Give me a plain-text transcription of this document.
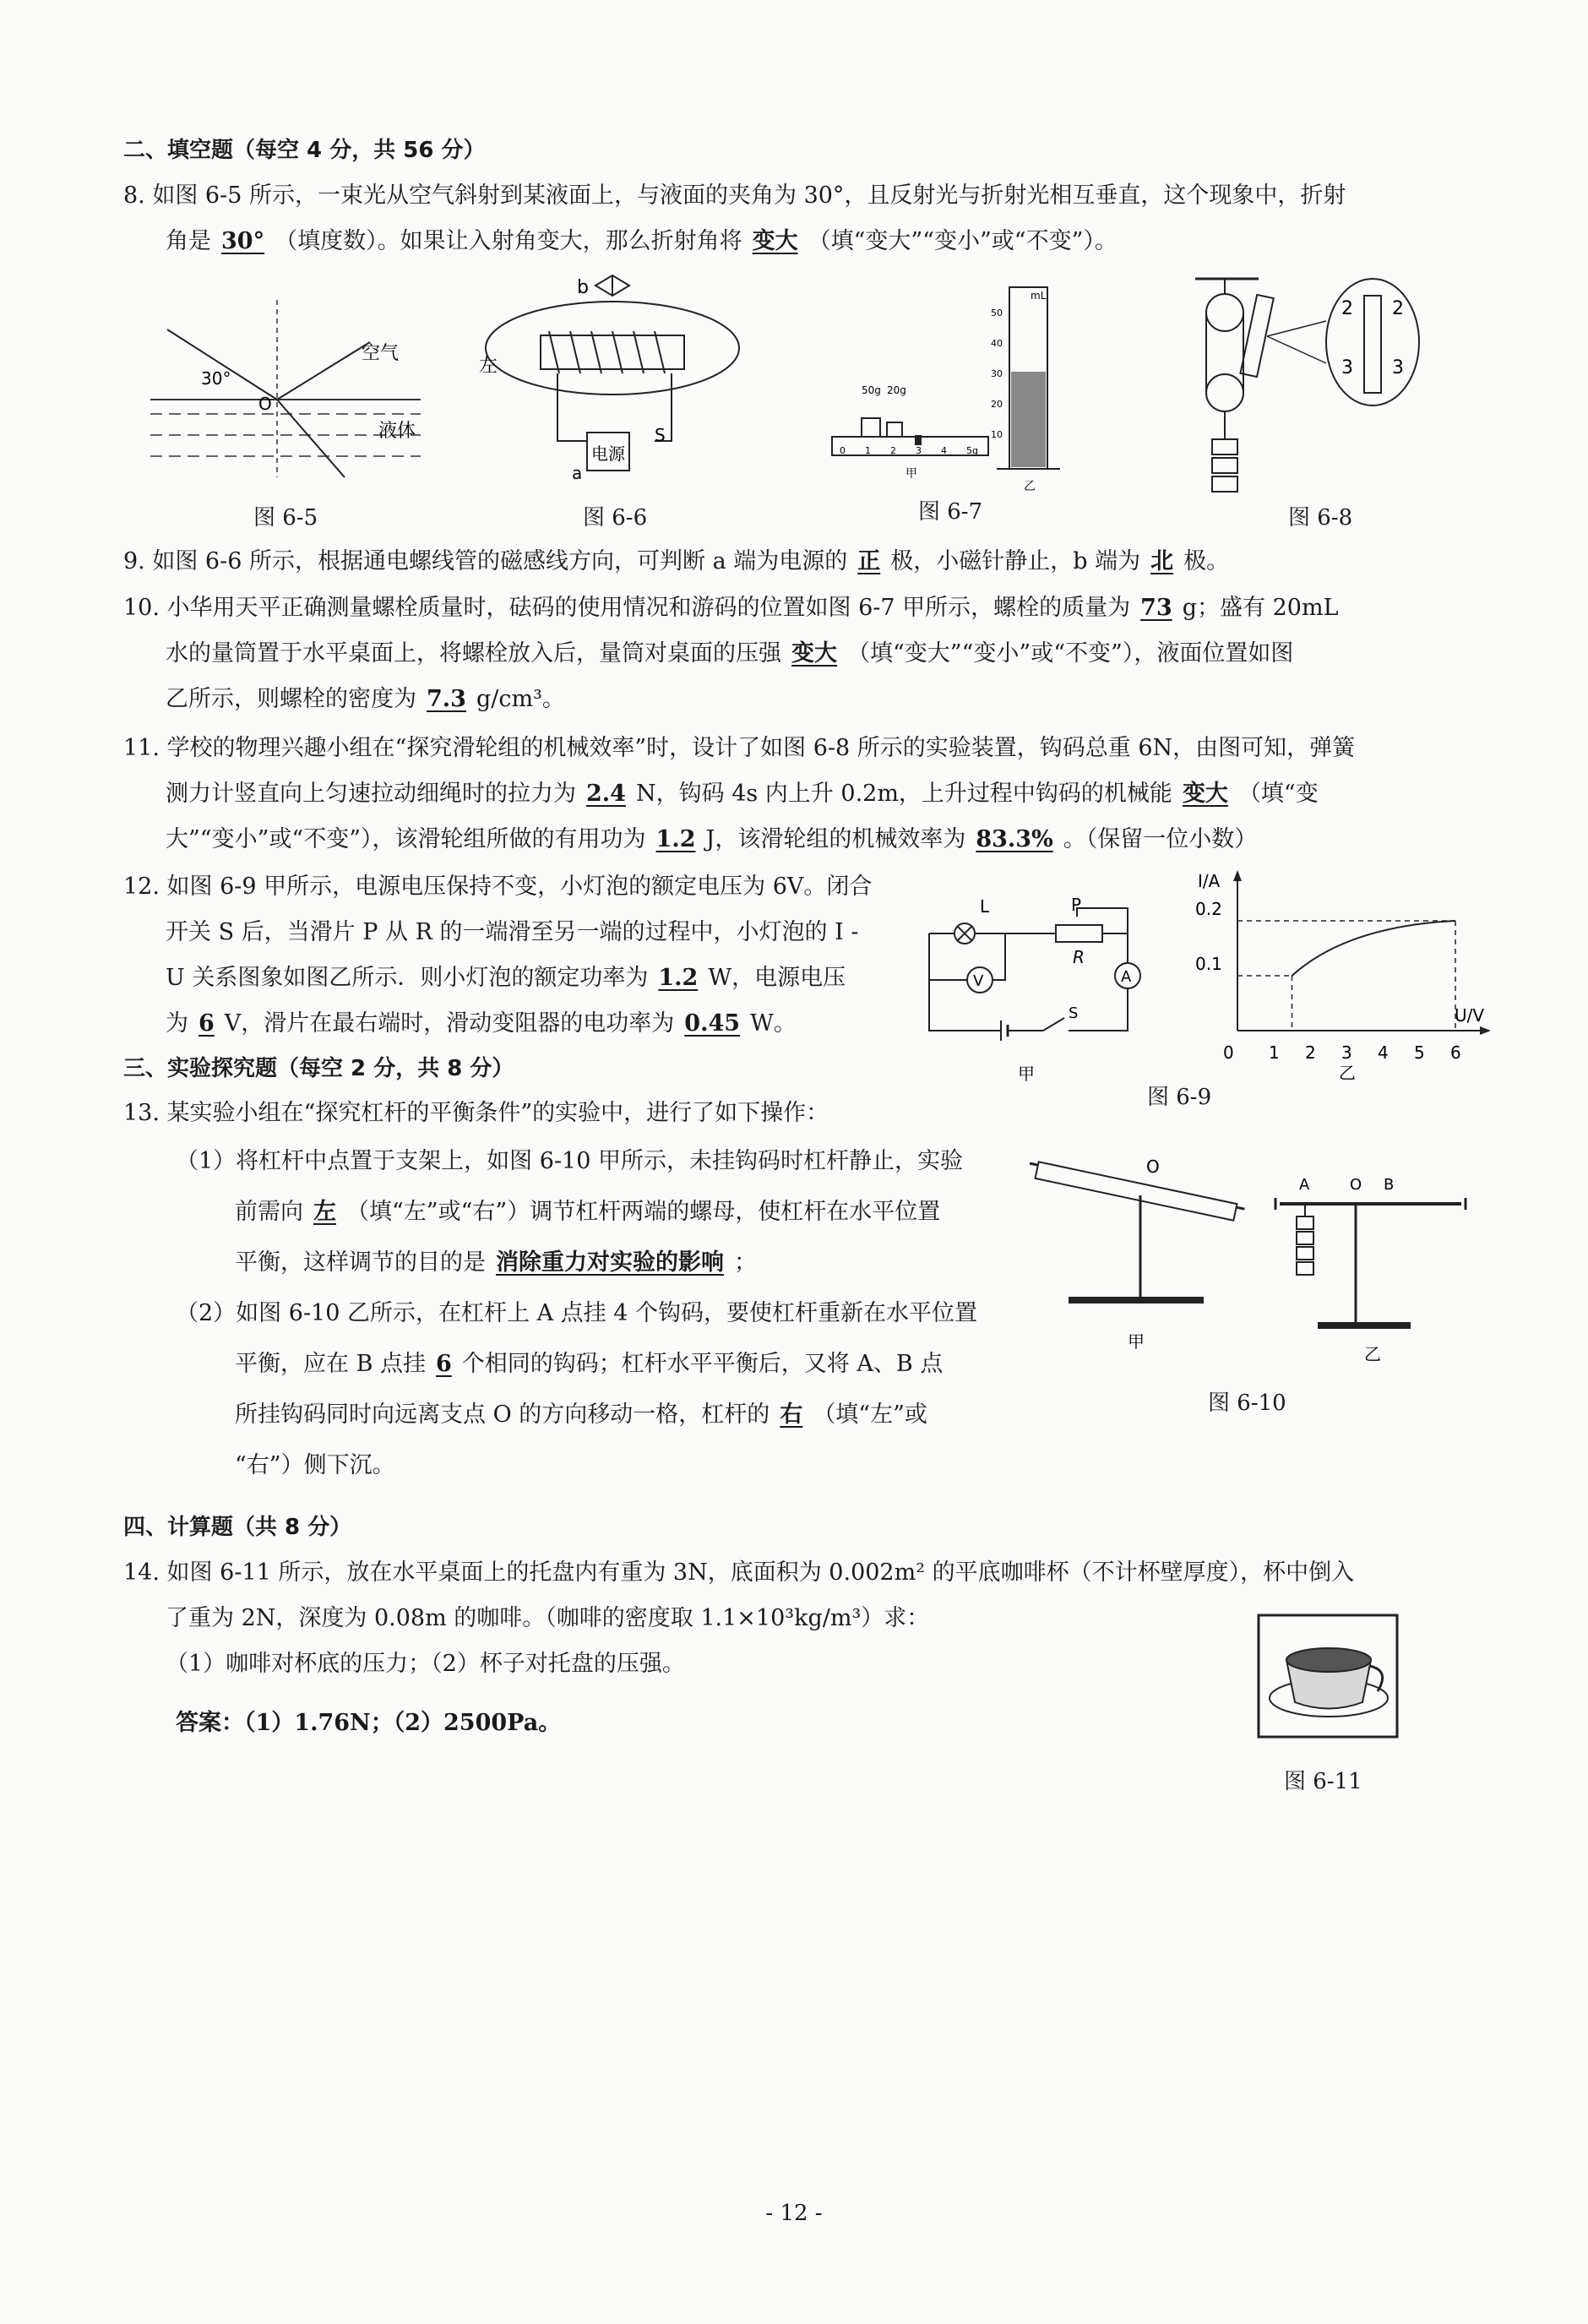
二、填空题（每空 4 分，共 56 分）
8. 如图 6-5 所示，一束光从空气斜射到某液面上，与液面的夹角为 30°，且反射光与折射光相互垂直，这个现象中，折射
角是 30° （填度数）。如果让入射角变大，那么折射角将 变大 （填“变大”“变小”或“不变”）。
30°
O
空气
液体
图 6-5
b
左
电源
a
S
图 6-6
50g 20g
0 1 2 3 4 5g
甲
mL
50
40
30
20
10
乙
图 6-7
2 2
3 3
图 6-8
9. 如图 6-6 所示，根据通电螺线管的磁感线方向，可判断 a 端为电源的 正 极，小磁针静止，b 端为 北 极。
10. 小华用天平正确测量螺栓质量时，砝码的使用情况和游码的位置如图 6-7 甲所示，螺栓的质量为 73 g；盛有 20mL
水的量筒置于水平桌面上，将螺栓放入后，量筒对桌面的压强 变大 （填“变大”“变小”或“不变”），液面位置如图
乙所示，则螺栓的密度为 7.3 g/cm³。
11. 学校的物理兴趣小组在“探究滑轮组的机械效率”时，设计了如图 6-8 所示的实验装置，钩码总重 6N，由图可知，弹簧
测力计竖直向上匀速拉动细绳时的拉力为 2.4 N，钩码 4s 内上升 0.2m，上升过程中钩码的机械能 变大 （填“变
大”“变小”或“不变”），该滑轮组所做的有用功为 1.2 J，该滑轮组的机械效率为 83.3% 。（保留一位小数）
12. 如图 6-9 甲所示，电源电压保持不变，小灯泡的额定电压为 6V。闭合
开关 S 后，当滑片 P 从 R 的一端滑至另一端的过程中，小灯泡的 I -
U 关系图象如图乙所示．则小灯泡的额定功率为 1.2 W，电源电压
为 6 V，滑片在最右端时，滑动变阻器的电功率为 0.45 W。
L	P
R
A
S
V
甲
I/A
U/V
0.2
0.1
0 1 2 3 4 5 6
乙
图 6-9
三、实验探究题（每空 2 分，共 8 分）
13. 某实验小组在“探究杠杆的平衡条件”的实验中，进行了如下操作：
（1）将杠杆中点置于支架上，如图 6-10 甲所示，未挂钩码时杠杆静止，实验
前需向 左 （填“左”或“右”）调节杠杆两端的螺母，使杠杆在水平位置
平衡，这样调节的目的是 消除重力对实验的影响 ；
（2）如图 6-10 乙所示，在杠杆上 A 点挂 4 个钩码，要使杠杆重新在水平位置
平衡，应在 B 点挂 6 个相同的钩码；杠杆水平平衡后，又将 A、B 点
所挂钩码同时向远离支点 O 的方向移动一格，杠杆的 右 （填“左”或
“右”）侧下沉。
O
甲
A	O B
乙
图 6-10
四、计算题（共 8 分）
14. 如图 6-11 所示，放在水平桌面上的托盘内有重为 3N，底面积为 0.002m² 的平底咖啡杯（不计杯壁厚度），杯中倒入
了重为 2N，深度为 0.08m 的咖啡。（咖啡的密度取 1.1×10³kg/m³）求：
（1）咖啡对杯底的压力；（2）杯子对托盘的压强。
答案：（1）1.76N；（2）2500Pa。
图 6-11
- 12 -
